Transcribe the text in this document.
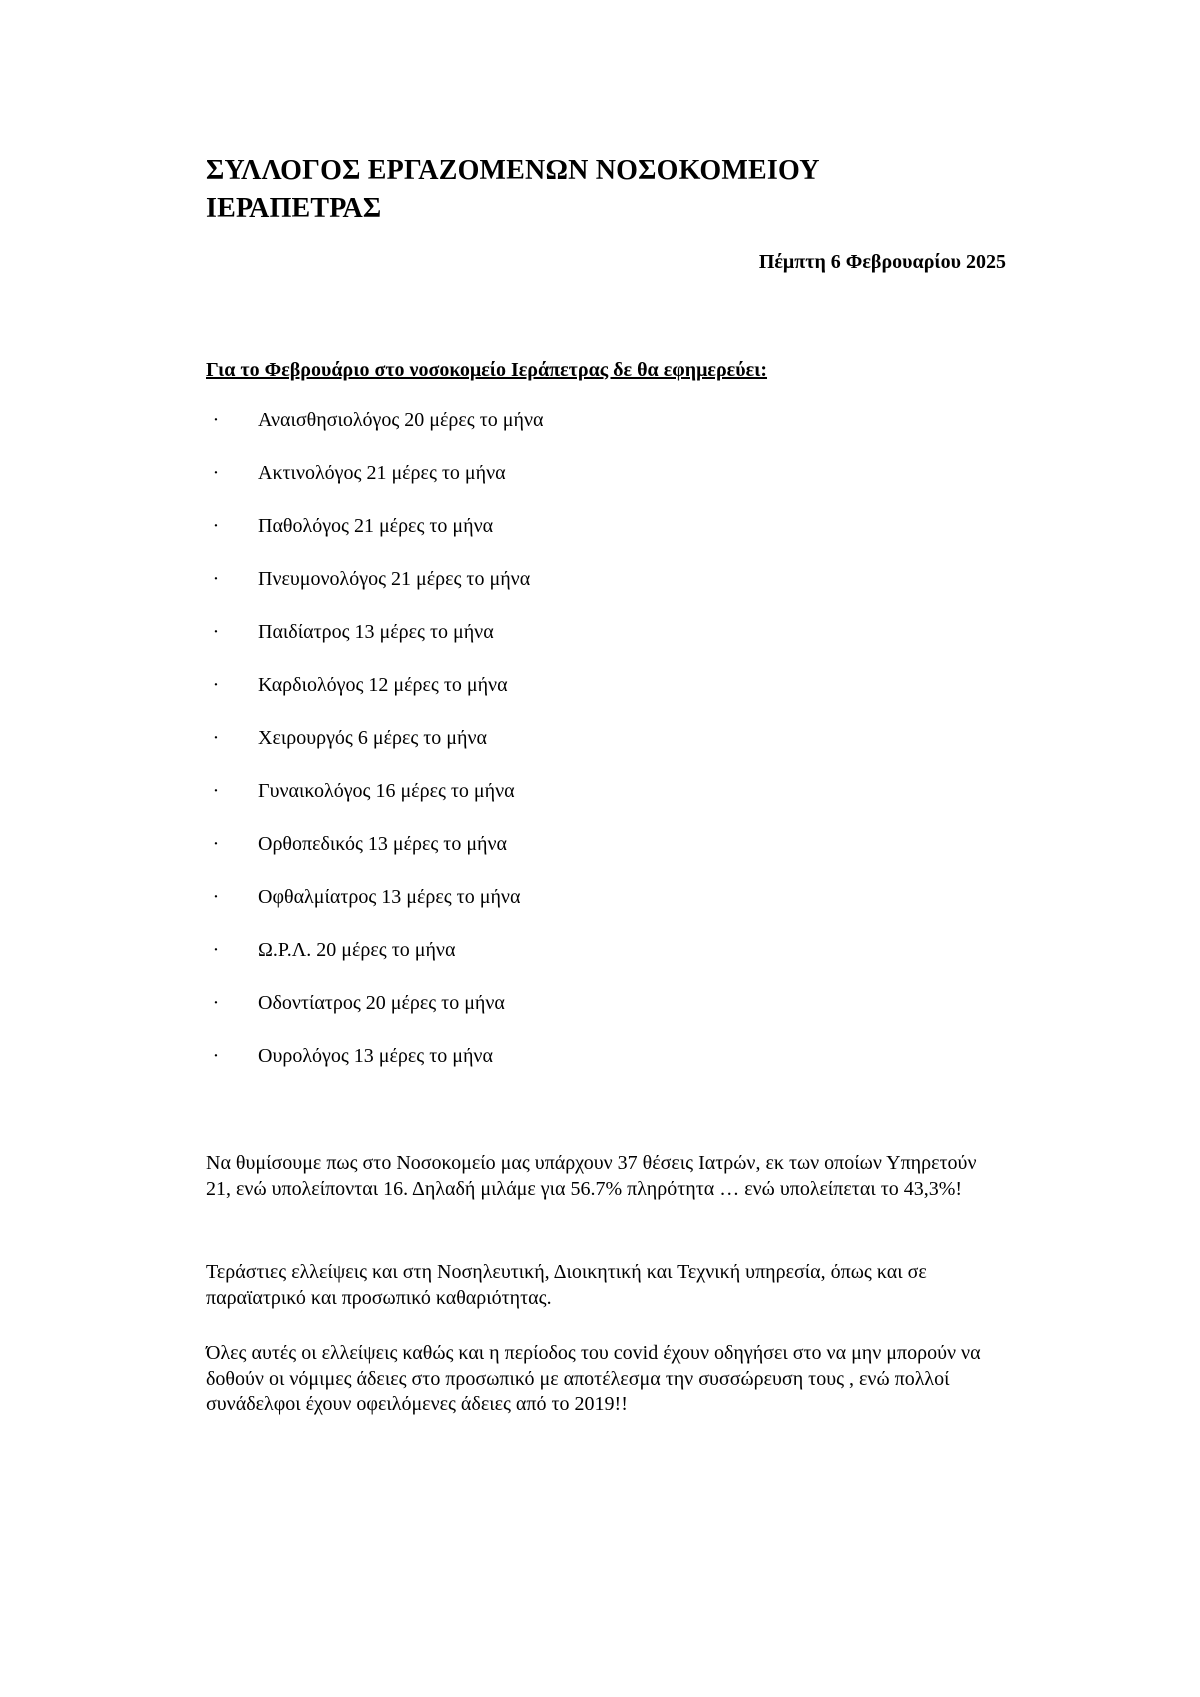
ΣΥΛΛΟΓΟΣ ΕΡΓΑΖΟΜΕΝΩΝ ΝΟΣΟΚΟΜΕΙΟΥ ΙΕΡΑΠΕΤΡΑΣ

Πέμπτη 6 Φεβρουαρίου 2025

Για το Φεβρουάριο στο νοσοκομείο Ιεράπετρας δε θα εφημερεύει:

· Αναισθησιολόγος 20 μέρες το μήνα
· Ακτινολόγος 21 μέρες το μήνα
· Παθολόγος 21 μέρες το μήνα
· Πνευμονολόγος 21 μέρες το μήνα
· Παιδίατρος 13 μέρες το μήνα
· Καρδιολόγος 12 μέρες το μήνα
· Χειρουργός 6 μέρες το μήνα
· Γυναικολόγος 16 μέρες το μήνα
· Ορθοπεδικός 13 μέρες το μήνα
· Οφθαλμίατρος 13 μέρες το μήνα
· Ω.Ρ.Λ. 20 μέρες το μήνα
· Οδοντίατρος 20 μέρες το μήνα
· Ουρολόγος 13 μέρες το μήνα

Να θυμίσουμε πως στο Νοσοκομείο μας υπάρχουν 37 θέσεις Ιατρών, εκ των οποίων Υπηρετούν 21, ενώ υπολείπονται 16. Δηλαδή μιλάμε για 56.7% πληρότητα … ενώ υπολείπεται το 43,3%!

Τεράστιες ελλείψεις και στη Νοσηλευτική, Διοικητική και Τεχνική υπηρεσία, όπως και σε παραϊατρικό και προσωπικό καθαριότητας.

Όλες αυτές οι ελλείψεις καθώς και η περίοδος του covid έχουν οδηγήσει στο να μην μπορούν να δοθούν οι νόμιμες άδειες στο προσωπικό με αποτέλεσμα την συσσώρευση τους , ενώ πολλοί συνάδελφοι έχουν οφειλόμενες άδειες από το 2019!!
